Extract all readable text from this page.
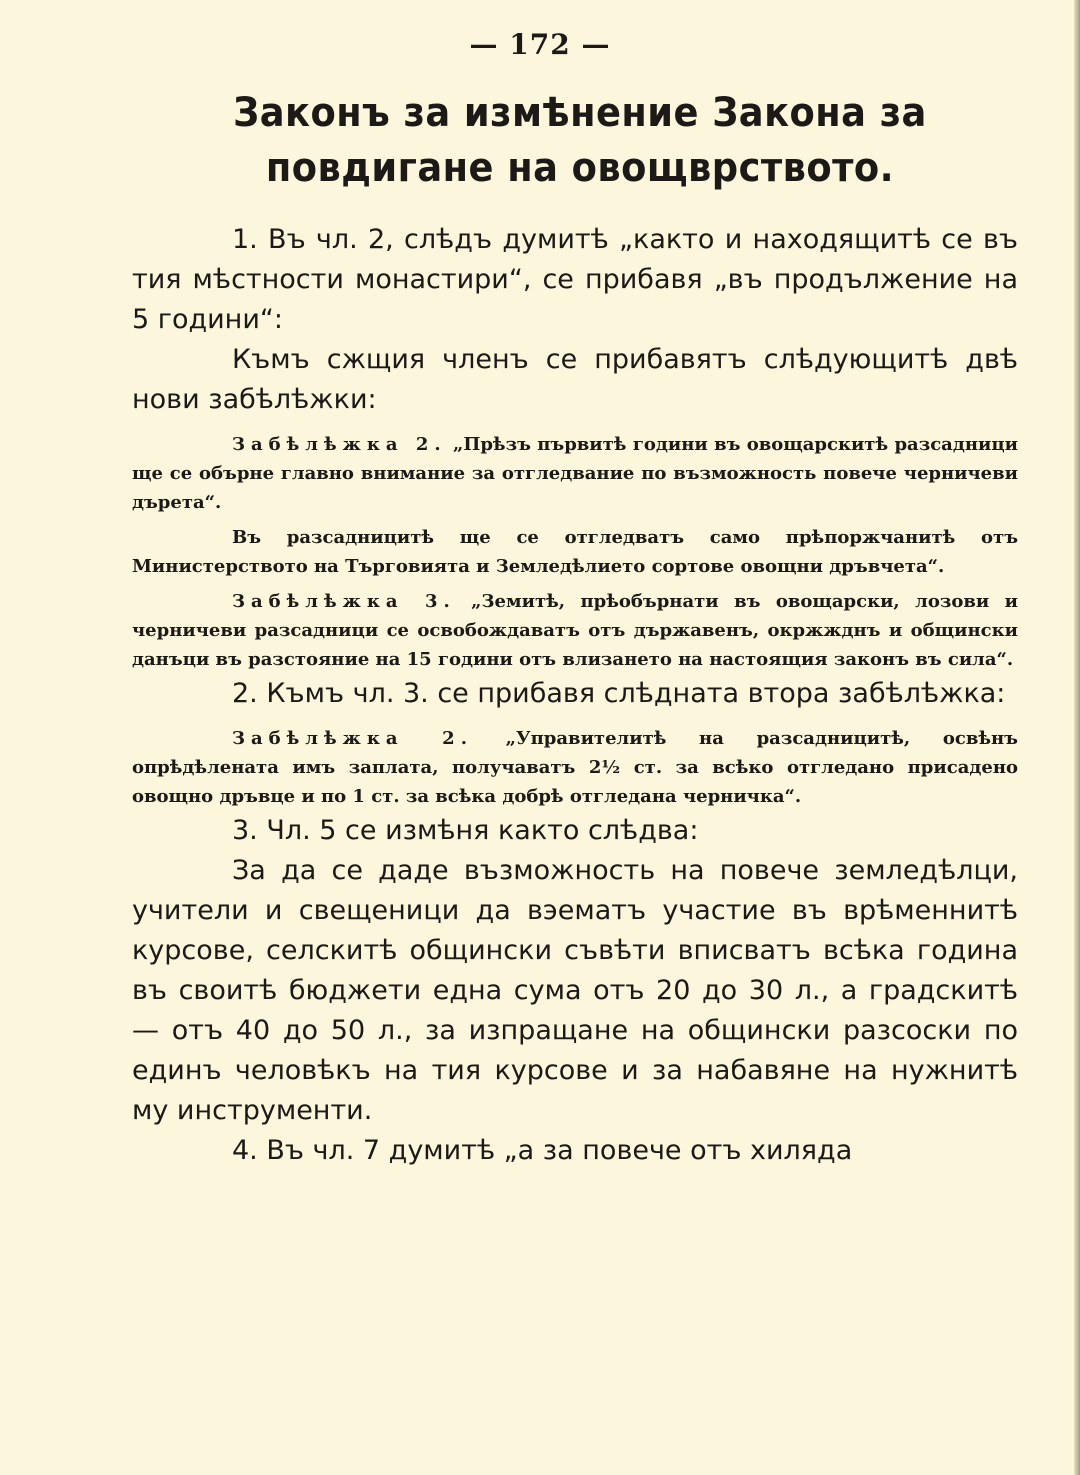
— 172 —
Законъ за измѣнение Закона за повдигане на овощврството.

1. Въ чл. 2, слѣдъ думитѣ „както и находящитѣ се въ тия мѣстности монастири“, се прибавя „въ продължение на 5 години“:

Къмъ сжщия членъ се прибавятъ слѣдующитѣ двѣ нови забѣлѣжки:

Забѣлѣжка 2. „Прѣзъ първитѣ години въ овощарскитѣ разсадници ще се обърне главно внимание за отгледвание по възможность повече черничеви дърета“.

Въ разсадницитѣ ще се отгледватъ само прѣпоржчанитѣ отъ Министерството на Търговията и Земледѣлието сортове овощни дръвчета“.

Забѣлѣжка 3. „Земитѣ, прѣобърнати въ овощарски, лозови и черничеви разсадници се освобождаватъ отъ държавенъ, окржжднъ и общински данъци въ разстояние на 15 години отъ влизането на настоящия законъ въ сила“.

2. Къмъ чл. 3. се прибавя слѣдната втора забѣлѣжка:

Забѣлѣжка 2. „Управителитѣ на разсадницитѣ, освѣнъ опрѣдѣлената имъ заплата, получаватъ 2½ ст. за всѣко отгледано присадено овощно дръвце и по 1 ст. за всѣка добрѣ отгледана черничка“.

3. Чл. 5 се измѣня както слѣдва:

За да се даде възможность на повече земледѣлци, учители и свещеници да вэематъ участие въ врѣменнитѣ курсове, селскитѣ общински съвѣти вписватъ всѣка година въ своитѣ бюджети една сума отъ 20 до 30 л., а градскитѣ — отъ 40 до 50 л., за изпращане на общински разсоски по единъ человѣкъ на тия курсове и за набавяне на нужнитѣ му инструменти.

4. Въ чл. 7 думитѣ „а за повече отъ хиляда
